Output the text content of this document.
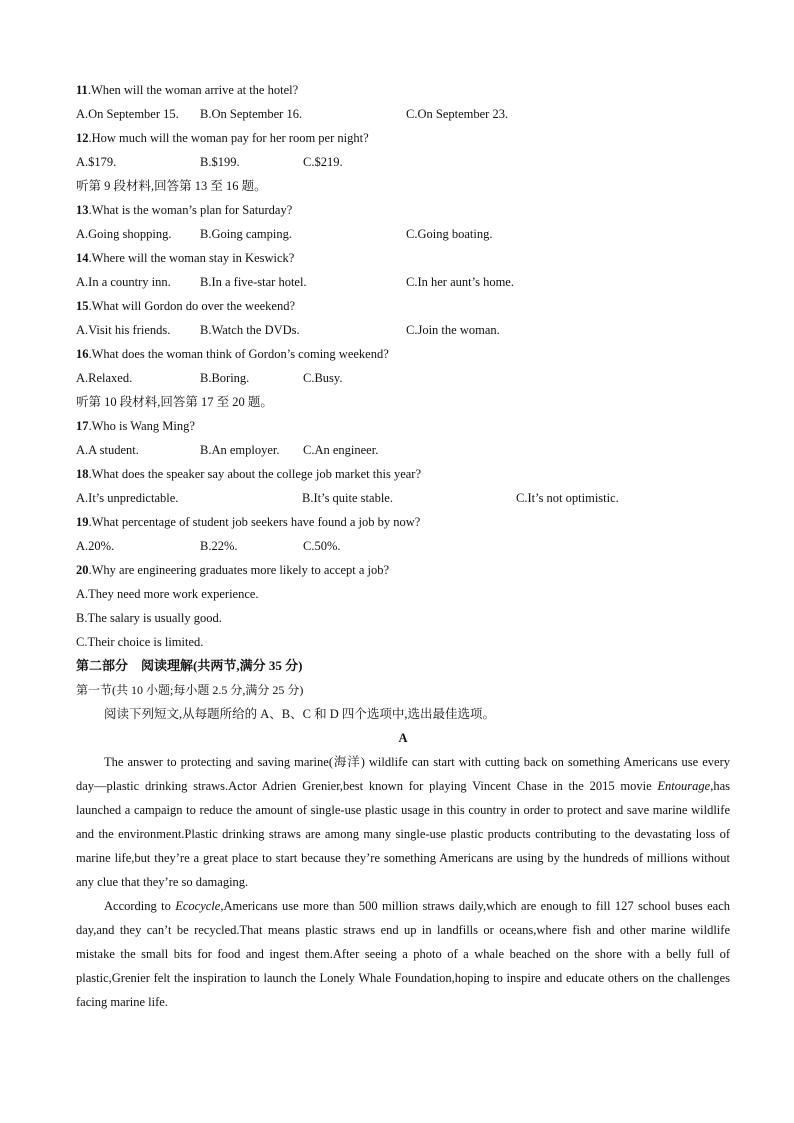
11.When will the woman arrive at the hotel?
A.On September 15. B.On September 16.	C.On September 23.
12.How much will the woman pay for her room per night?
A.$179.	B.$199.	C.$219.
听第 9 段材料,回答第 13 至 16 题。
13.What is the woman’s plan for Saturday?
A.Going shopping. B.Going camping.	C.Going boating.
14.Where will the woman stay in Keswick?
A.In a country inn. B.In a five-star hotel.	C.In her aunt’s home.
15.What will Gordon do over the weekend?
A.Visit his friends. B.Watch the DVDs.	C.Join the woman.
16.What does the woman think of Gordon’s coming weekend?
A.Relaxed.	B.Boring.	C.Busy.
听第 10 段材料,回答第 17 至 20 题。
17.Who is Wang Ming?
A.A student.	B.An employer. C.An engineer.
18.What does the speaker say about the college job market this year?
A.It’s unpredictable.	B.It’s quite stable.	C.It’s not optimistic.
19.What percentage of student job seekers have found a job by now?
A.20%.	B.22%.	C.50%.
20.Why are engineering graduates more likely to accept a job?
A.They need more work experience.
B.The salary is usually good.
C.Their choice is limited.
第二部分　阅读理解(共两节,满分 35 分)
第一节(共 10 小题;每小题 2.5 分,满分 25 分)
阅读下列短文,从每题所给的 A、B、C 和 D 四个选项中,选出最佳选项。
A

The answer to protecting and saving marine(海洋) wildlife can start with cutting back on something Americans use every day—plastic drinking straws.Actor Adrien Grenier,best known for playing Vincent Chase in the 2015 movie Entourage,has launched a campaign to reduce the amount of single-use plastic usage in this country in order to protect and save marine wildlife and the environment.Plastic drinking straws are among many single-use plastic products contributing to the devastating loss of marine life,but they’re a great place to start because they’re something Americans are using by the hundreds of millions without any clue that they’re so damaging.

According to Ecocycle,Americans use more than 500 million straws daily,which are enough to fill 127 school buses each day,and they can’t be recycled.That means plastic straws end up in landfills or oceans,where fish and other marine wildlife mistake the small bits for food and ingest them.After seeing a photo of a whale beached on the shore with a belly full of plastic,Grenier felt the inspiration to launch the Lonely Whale Foundation,hoping to inspire and educate others on the challenges facing marine life.
